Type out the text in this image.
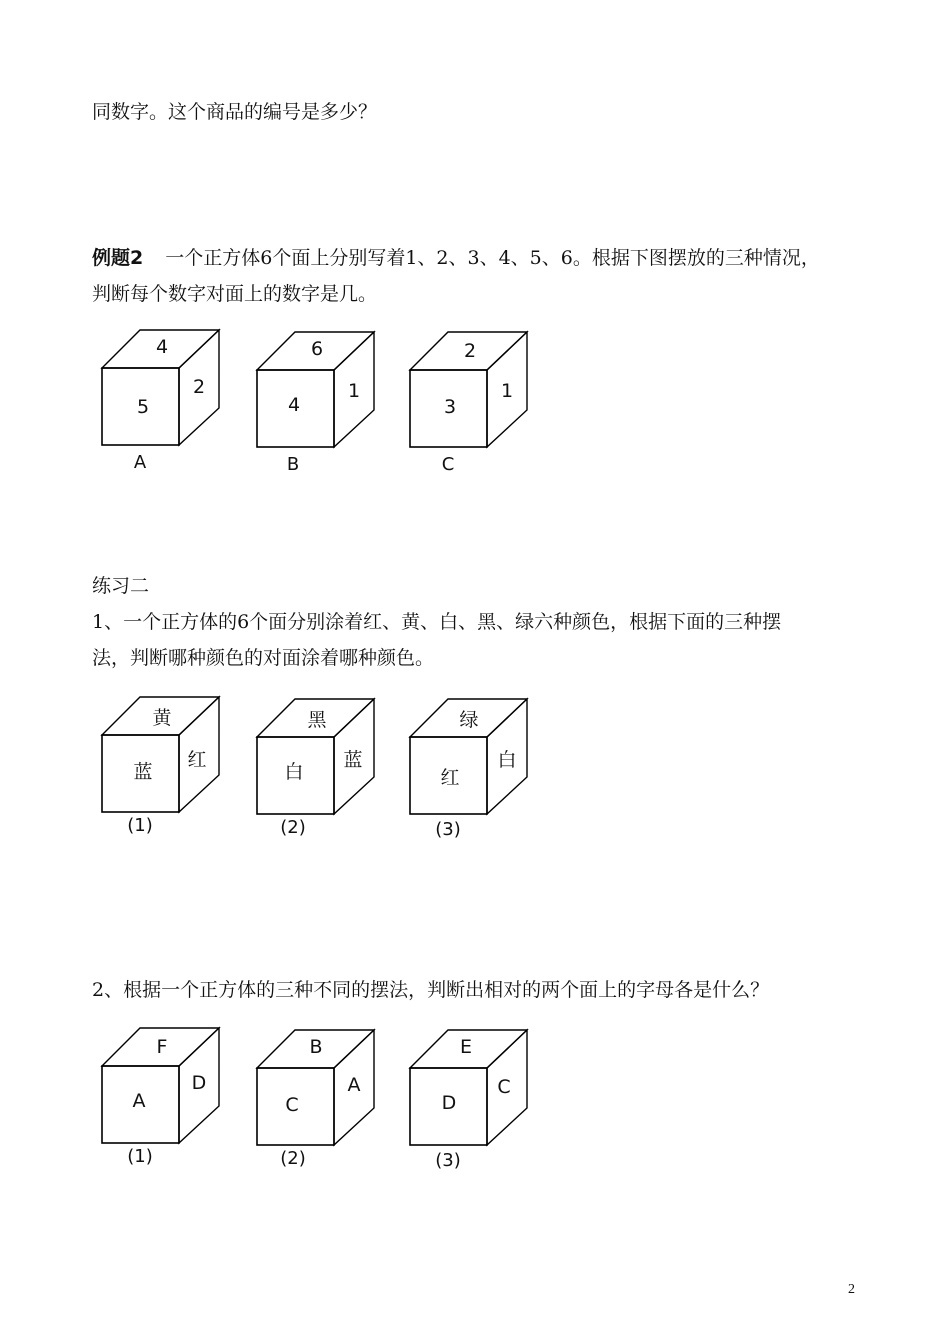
同数字。这个商品的编号是多少？
例题2 一个正方体6个面上分别写着1、2、3、4、5、6。根据下图摆放的三种情况，
判断每个数字对面上的数字是几。
4
5
2
A
6
4
1
B
2
3
1
C
练习二
1、一个正方体的6个面分别涂着红、黄、白、黑、绿六种颜色，根据下面的三种摆
法，判断哪种颜色的对面涂着哪种颜色。
黄
蓝
红
(1)
黑
白
蓝
(2)
绿
红
白
(3)
2、根据一个正方体的三种不同的摆法，判断出相对的两个面上的字母各是什么？
F
A
D
(1)
B
C
A
(2)
E
D
C
(3)
2
